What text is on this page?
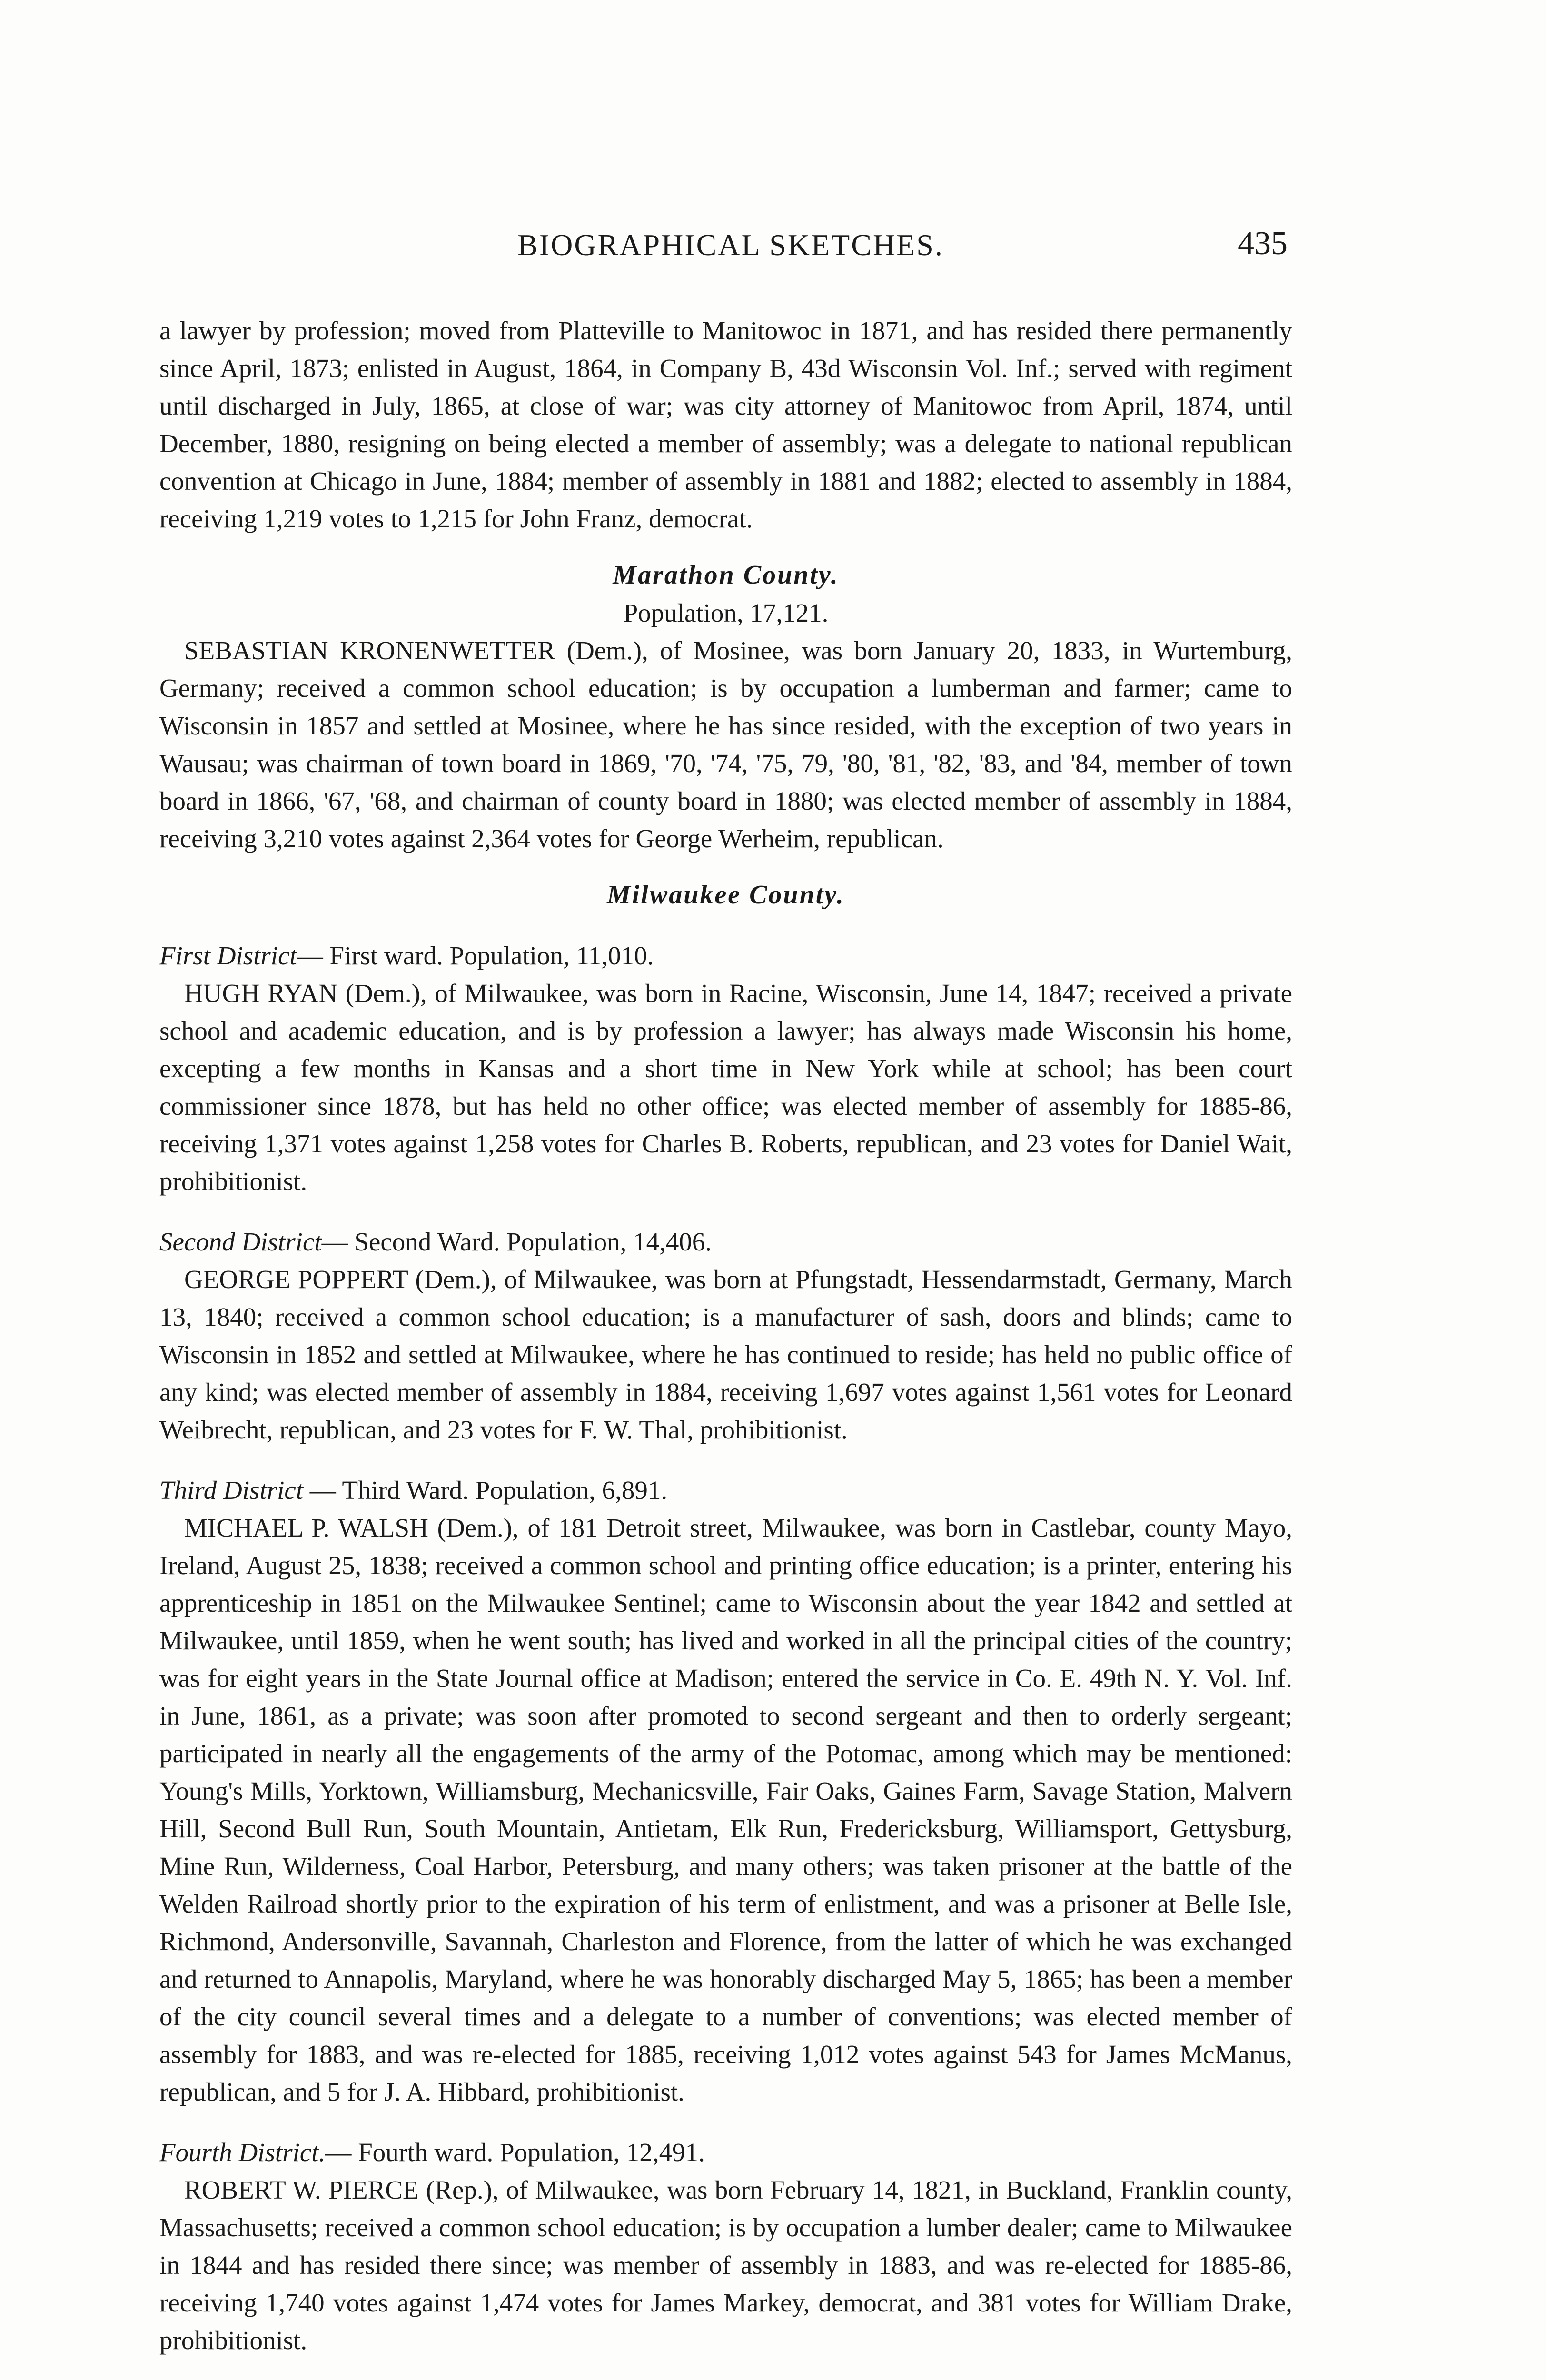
BIOGRAPHICAL SKETCHES.	435

a lawyer by profession; moved from Platteville to Manitowoc in 1871, and has resided there permanently since April, 1873; enlisted in August, 1864, in Company B, 43d Wisconsin Vol. Inf.; served with regiment until discharged in July, 1865, at close of war; was city attorney of Manitowoc from April, 1874, until December, 1880, resigning on being elected a member of assembly; was a delegate to national republican convention at Chicago in June, 1884; member of assembly in 1881 and 1882; elected to assembly in 1884, receiving 1,219 votes to 1,215 for John Franz, democrat.

Marathon County.

Population, 17,121.

SEBASTIAN KRONENWETTER (Dem.), of Mosinee, was born January 20, 1833, in Wurtemburg, Germany; received a common school education; is by occupation a lumberman and farmer; came to Wisconsin in 1857 and settled at Mosinee, where he has since resided, with the exception of two years in Wausau; was chairman of town board in 1869, '70, '74, '75, 79, '80, '81, '82, '83, and '84, member of town board in 1866, '67, '68, and chairman of county board in 1880; was elected member of assembly in 1884, receiving 3,210 votes against 2,364 votes for George Werheim, republican.

Milwaukee County.

First District— First ward. Population, 11,010.

HUGH RYAN (Dem.), of Milwaukee, was born in Racine, Wisconsin, June 14, 1847; received a private school and academic education, and is by profession a lawyer; has always made Wisconsin his home, excepting a few months in Kansas and a short time in New York while at school; has been court commissioner since 1878, but has held no other office; was elected member of assembly for 1885-86, receiving 1,371 votes against 1,258 votes for Charles B. Roberts, republican, and 23 votes for Daniel Wait, prohibitionist.

Second District— Second Ward. Population, 14,406.

GEORGE POPPERT (Dem.), of Milwaukee, was born at Pfungstadt, Hessendarmstadt, Germany, March 13, 1840; received a common school education; is a manufacturer of sash, doors and blinds; came to Wisconsin in 1852 and settled at Milwaukee, where he has continued to reside; has held no public office of any kind; was elected member of assembly in 1884, receiving 1,697 votes against 1,561 votes for Leonard Weibrecht, republican, and 23 votes for F. W. Thal, prohibitionist.

Third District — Third Ward. Population, 6,891.

MICHAEL P. WALSH (Dem.), of 181 Detroit street, Milwaukee, was born in Castlebar, county Mayo, Ireland, August 25, 1838; received a common school and printing office education; is a printer, entering his apprenticeship in 1851 on the Milwaukee Sentinel; came to Wisconsin about the year 1842 and settled at Milwaukee, until 1859, when he went south; has lived and worked in all the principal cities of the country; was for eight years in the State Journal office at Madison; entered the service in Co. E. 49th N. Y. Vol. Inf. in June, 1861, as a private; was soon after promoted to second sergeant and then to orderly sergeant; participated in nearly all the engagements of the army of the Potomac, among which may be mentioned: Young's Mills, Yorktown, Williamsburg, Mechanicsville, Fair Oaks, Gaines Farm, Savage Station, Malvern Hill, Second Bull Run, South Mountain, Antietam, Elk Run, Fredericksburg, Williamsport, Gettysburg, Mine Run, Wilderness, Coal Harbor, Petersburg, and many others; was taken prisoner at the battle of the Welden Railroad shortly prior to the expiration of his term of enlistment, and was a prisoner at Belle Isle, Richmond, Andersonville, Savannah, Charleston and Florence, from the latter of which he was exchanged and returned to Annapolis, Maryland, where he was honorably discharged May 5, 1865; has been a member of the city council several times and a delegate to a number of conventions; was elected member of assembly for 1883, and was re-elected for 1885, receiving 1,012 votes against 543 for James McManus, republican, and 5 for J. A. Hibbard, prohibitionist.

Fourth District.— Fourth ward. Population, 12,491.

ROBERT W. PIERCE (Rep.), of Milwaukee, was born February 14, 1821, in Buckland, Franklin county, Massachusetts; received a common school education; is by occupation a lumber dealer; came to Milwaukee in 1844 and has resided there since; was member of assembly in 1883, and was re-elected for 1885-86, receiving 1,740 votes against 1,474 votes for James Markey, democrat, and 381 votes for William Drake, prohibitionist.
